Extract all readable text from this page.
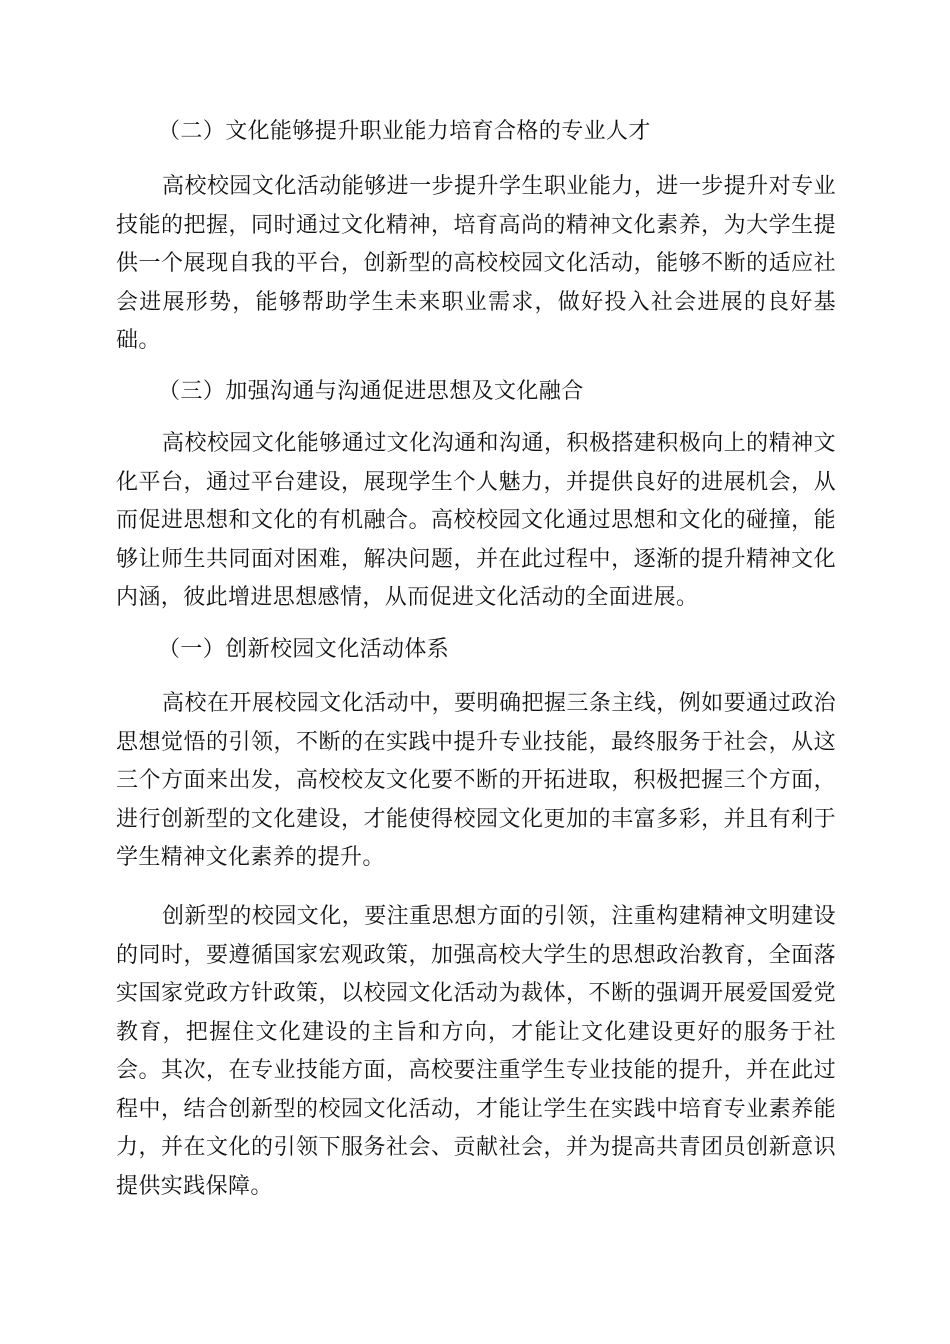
（二）文化能够提升职业能力培育合格的专业人才
高校校园文化活动能够进一步提升学生职业能力，进一步提升对专业技能的把握，同时通过文化精神，培育高尚的精神文化素养，为大学生提供一个展现自我的平台，创新型的高校校园文化活动，能够不断的适应社会进展形势，能够帮助学生未来职业需求，做好投入社会进展的良好基础。
（三）加强沟通与沟通促进思想及文化融合
高校校园文化能够通过文化沟通和沟通，积极搭建积极向上的精神文化平台，通过平台建设，展现学生个人魅力，并提供良好的进展机会，从而促进思想和文化的有机融合。高校校园文化通过思想和文化的碰撞，能够让师生共同面对困难，解决问题，并在此过程中，逐渐的提升精神文化内涵，彼此增进思想感情，从而促进文化活动的全面进展。
（一）创新校园文化活动体系
高校在开展校园文化活动中，要明确把握三条主线，例如要通过政治思想觉悟的引领，不断的在实践中提升专业技能，最终服务于社会，从这三个方面来出发，高校校友文化要不断的开拓进取，积极把握三个方面，进行创新型的文化建设，才能使得校园文化更加的丰富多彩，并且有利于学生精神文化素养的提升。
创新型的校园文化，要注重思想方面的引领，注重构建精神文明建设的同时，要遵循国家宏观政策，加强高校大学生的思想政治教育，全面落实国家党政方针政策，以校园文化活动为裁体，不断的强调开展爱国爱党教育，把握住文化建设的主旨和方向，才能让文化建设更好的服务于社会。其次，在专业技能方面，高校要注重学生专业技能的提升，并在此过程中，结合创新型的校园文化活动，才能让学生在实践中培育专业素养能力，并在文化的引领下服务社会、贡献社会，并为提高共青团员创新意识提供实践保障。
